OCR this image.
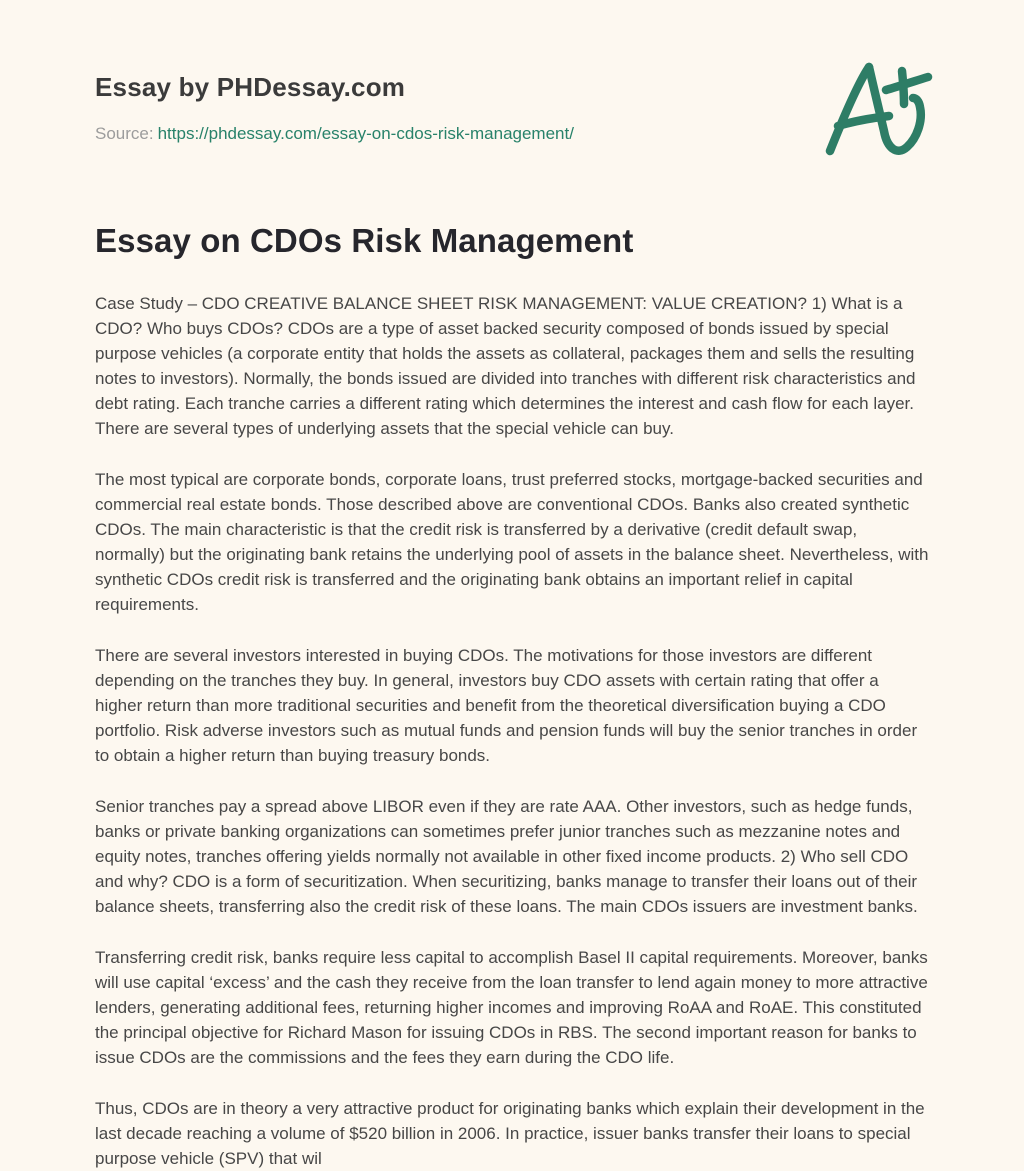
Essay by PHDessay.com
Source: https://phdessay.com/essay-on-cdos-risk-management/
Essay on CDOs Risk Management

Case Study – CDO CREATIVE BALANCE SHEET RISK MANAGEMENT: VALUE CREATION? 1) What is a CDO? Who buys CDOs? CDOs are a type of asset backed security composed of bonds issued by special purpose vehicles (a corporate entity that holds the assets as collateral, packages them and sells the resulting notes to investors). Normally, the bonds issued are divided into tranches with different risk characteristics and debt rating. Each tranche carries a different rating which determines the interest and cash flow for each layer. There are several types of underlying assets that the special vehicle can buy.

The most typical are corporate bonds, corporate loans, trust preferred stocks, mortgage-backed securities and commercial real estate bonds. Those described above are conventional CDOs. Banks also created synthetic CDOs. The main characteristic is that the credit risk is transferred by a derivative (credit default swap, normally) but the originating bank retains the underlying pool of assets in the balance sheet. Nevertheless, with synthetic CDOs credit risk is transferred and the originating bank obtains an important relief in capital requirements.

There are several investors interested in buying CDOs. The motivations for those investors are different depending on the tranches they buy. In general, investors buy CDO assets with certain rating that offer a higher return than more traditional securities and benefit from the theoretical diversification buying a CDO portfolio. Risk adverse investors such as mutual funds and pension funds will buy the senior tranches in order to obtain a higher return than buying treasury bonds.

Senior tranches pay a spread above LIBOR even if they are rate AAA. Other investors, such as hedge funds, banks or private banking organizations can sometimes prefer junior tranches such as mezzanine notes and equity notes, tranches offering yields normally not available in other fixed income products. 2) Who sell CDO and why? CDO is a form of securitization. When securitizing, banks manage to transfer their loans out of their balance sheets, transferring also the credit risk of these loans. The main CDOs issuers are investment banks.

Transferring credit risk, banks require less capital to accomplish Basel II capital requirements. Moreover, banks will use capital ‘excess’ and the cash they receive from the loan transfer to lend again money to more attractive lenders, generating additional fees, returning higher incomes and improving RoAA and RoAE. This constituted the principal objective for Richard Mason for issuing CDOs in RBS. The second important reason for banks to issue CDOs are the commissions and the fees they earn during the CDO life.

Thus, CDOs are in theory a very attractive product for originating banks which explain their development in the last decade reaching a volume of $520 billion in 2006. In practice, issuer banks transfer their loans to special purpose vehicle (SPV) that wil
